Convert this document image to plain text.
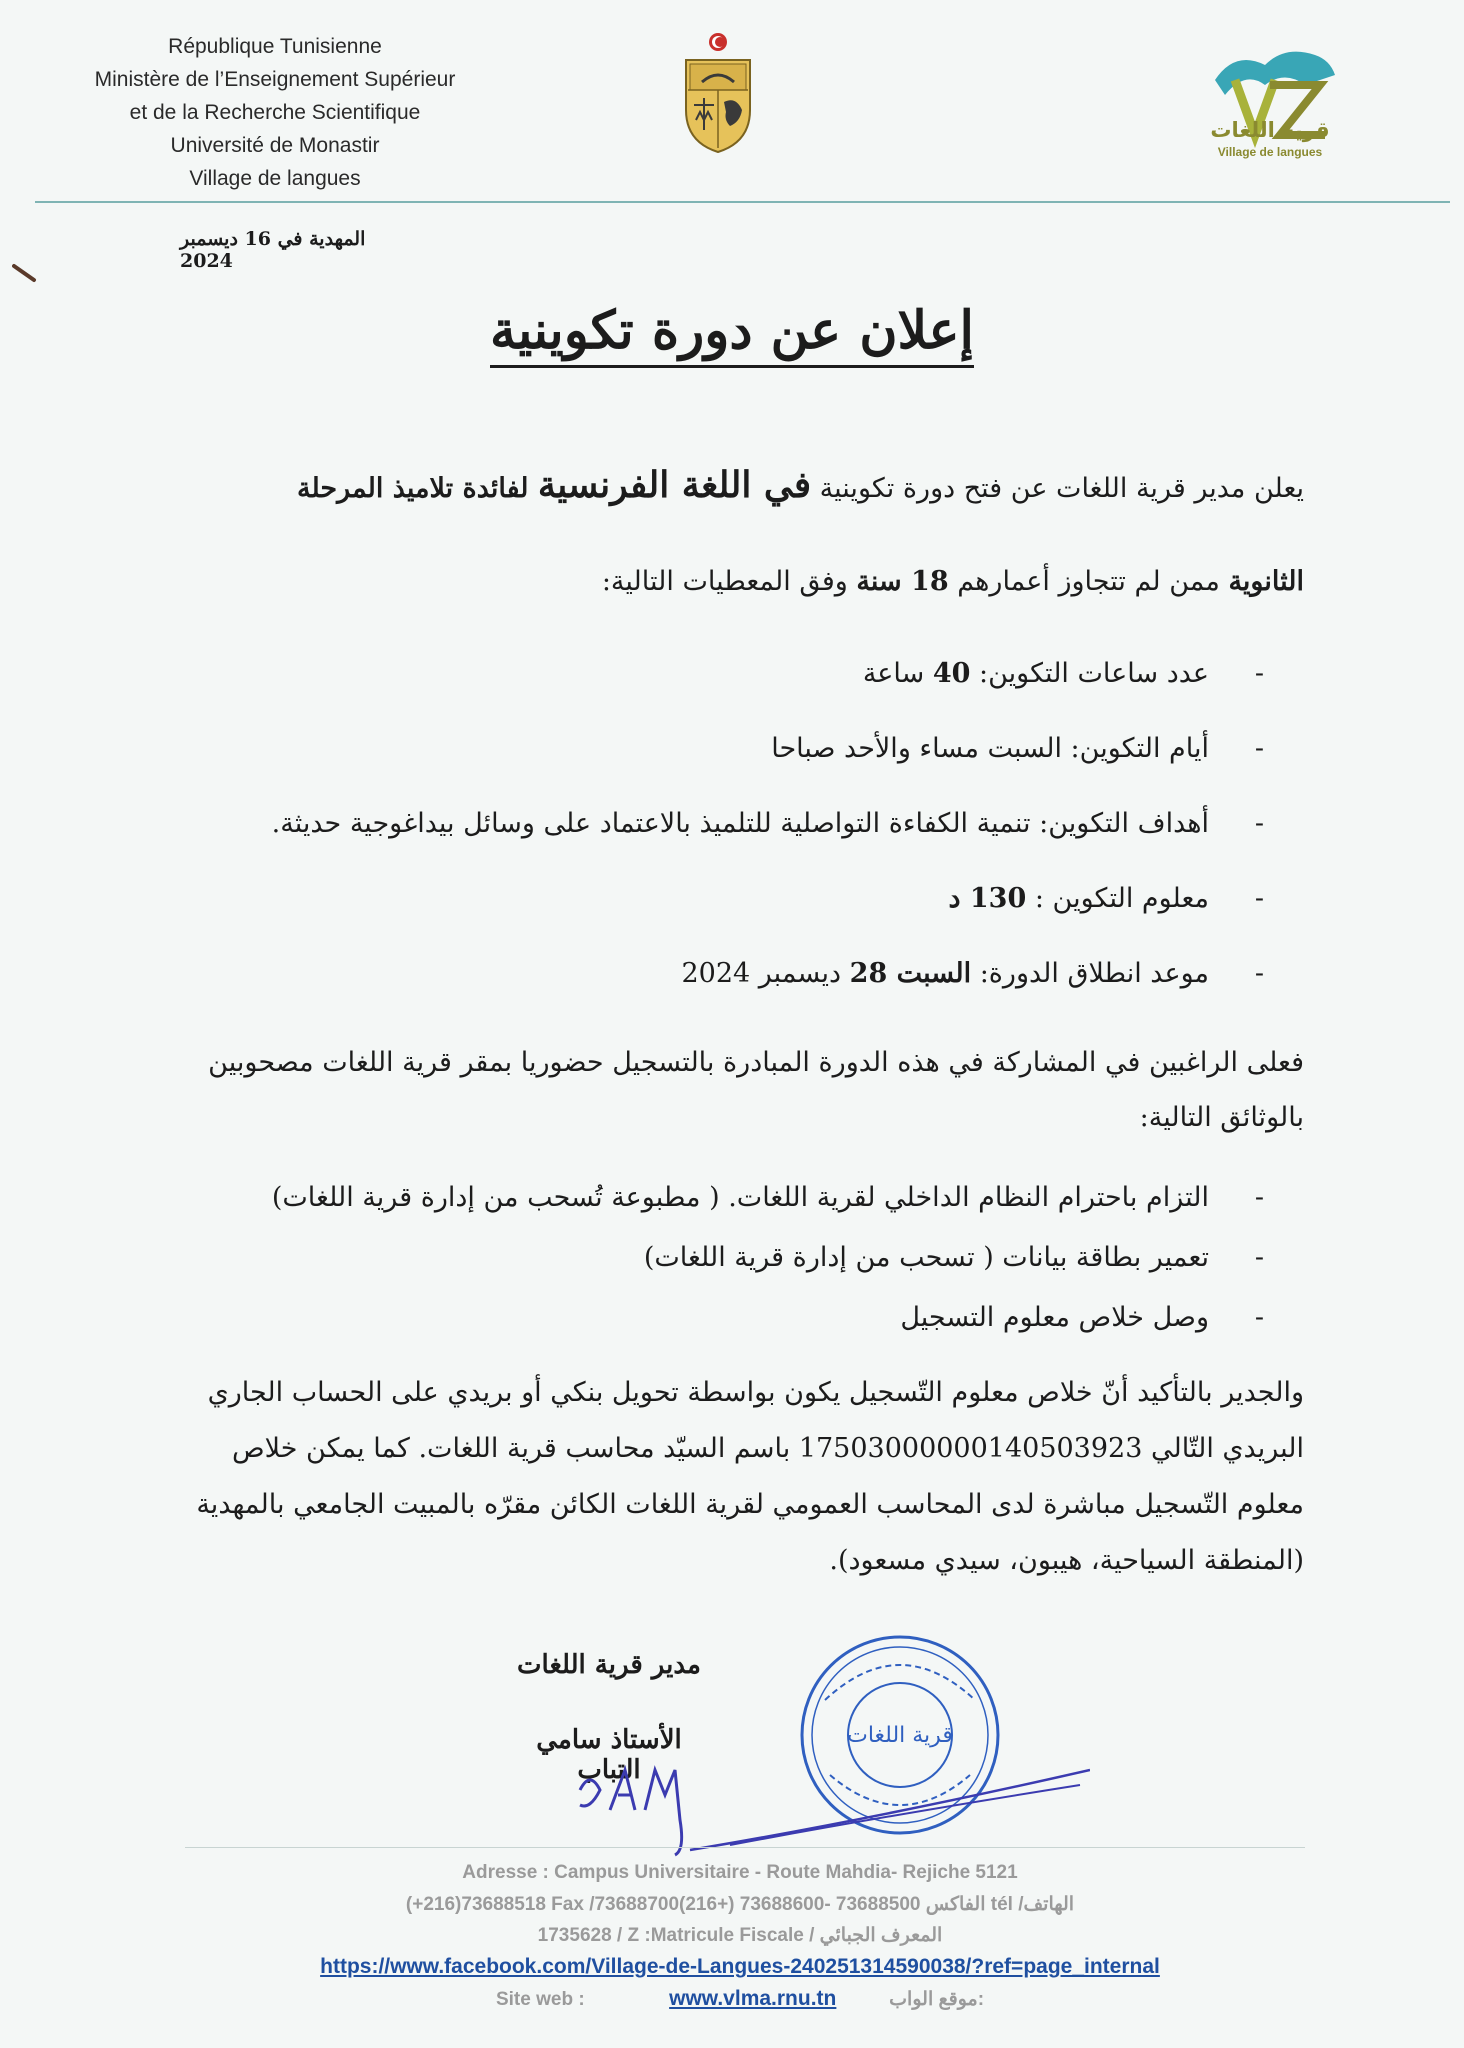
République Tunisienne
Ministère de l’Enseignement Supérieur
et de la Recherche Scientifique
Université de Monastir
Village de langues
قرية اللغات
Village de langues
المهدية في 16 ديسمبر 2024
إعلان عن دورة تكوينية
يعلن مدير قرية اللغات عن فتح دورة تكوينية في اللغة الفرنسية لفائدة تلاميذ المرحلة
الثانوية ممن لم تتجاوز أعمارهم 18 سنة وفق المعطيات التالية:
- عدد ساعات التكوين: 40 ساعة
- أيام التكوين: السبت مساء والأحد صباحا
- أهداف التكوين: تنمية الكفاءة التواصلية للتلميذ بالاعتماد على وسائل بيداغوجية حديثة.
- معلوم التكوين : 130 د
- موعد انطلاق الدورة: السبت 28 ديسمبر 2024
فعلى الراغبين في المشاركة في هذه الدورة المبادرة بالتسجيل حضوريا بمقر قرية اللغات مصحوبين بالوثائق التالية:
- التزام باحترام النظام الداخلي لقرية اللغات. ( مطبوعة تُسحب من إدارة قرية اللغات)
- تعمير بطاقة بيانات ( تسحب من إدارة قرية اللغات)
- وصل خلاص معلوم التسجيل
والجدير بالتأكيد أنّ خلاص معلوم التّسجيل يكون بواسطة تحويل بنكي أو بريدي على الحساب الجاري البريدي التّالي 17503000000140503923 باسم السيّد محاسب قرية اللغات. كما يمكن خلاص معلوم التّسجيل مباشرة لدى المحاسب العمومي لقرية اللغات الكائن مقرّه بالمبيت الجامعي بالمهدية (المنطقة السياحية، هيبون، سيدي مسعود).
مدير قرية اللغات
الأستاذ سامي التباب
قرية اللغات
Adresse : Campus Universitaire - Route Mahdia- Rejiche 5121
(+216)73688518 Fax /الفاكس 73688500 -73688600 (+216)73688700 tél /الهاتف
1735628 / Z :Matricule Fiscale / المعرف الجبائي
https://www.facebook.com/Village-de-Langues-240251314590038/?ref=page_internal
Site web :	www.vlma.rnu.tn	موقع الواب:
